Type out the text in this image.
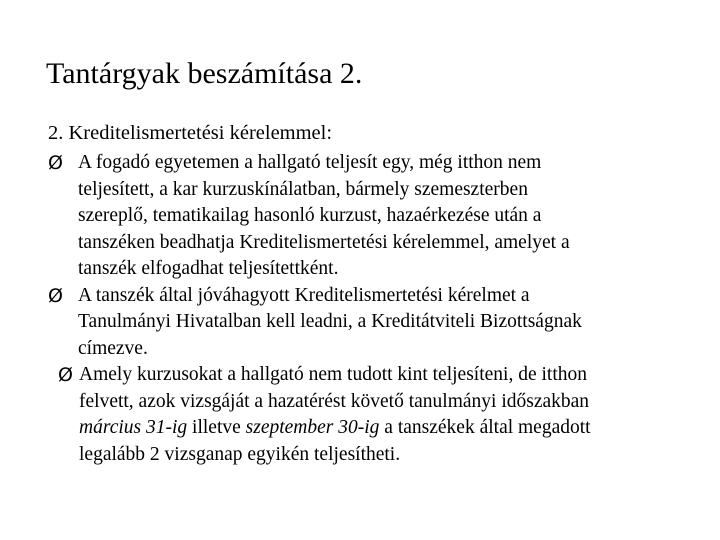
Tantárgyak beszámítása 2.
2. Kreditelismertetési kérelemmel:
Ø A fogadó egyetemen a hallgató teljesít egy, még itthon nem
teljesített, a kar kurzuskínálatban, bármely szemeszterben
szereplő, tematikailag hasonló kurzust, hazaérkezése után a
tanszéken beadhatja Kreditelismertetési kérelemmel, amelyet a
tanszék elfogadhat teljesítettként.
Ø A tanszék által jóváhagyott Kreditelismertetési kérelmet a
Tanulmányi Hivatalban kell leadni, a Kreditátviteli Bizottságnak
címezve.
Ø Amely kurzusokat a hallgató nem tudott kint teljesíteni, de itthon
felvett, azok vizsgáját a hazatérést követő tanulmányi időszakban
március 31-ig illetve szeptember 30-ig a tanszékek által megadott
legalább 2 vizsganap egyikén teljesítheti.
